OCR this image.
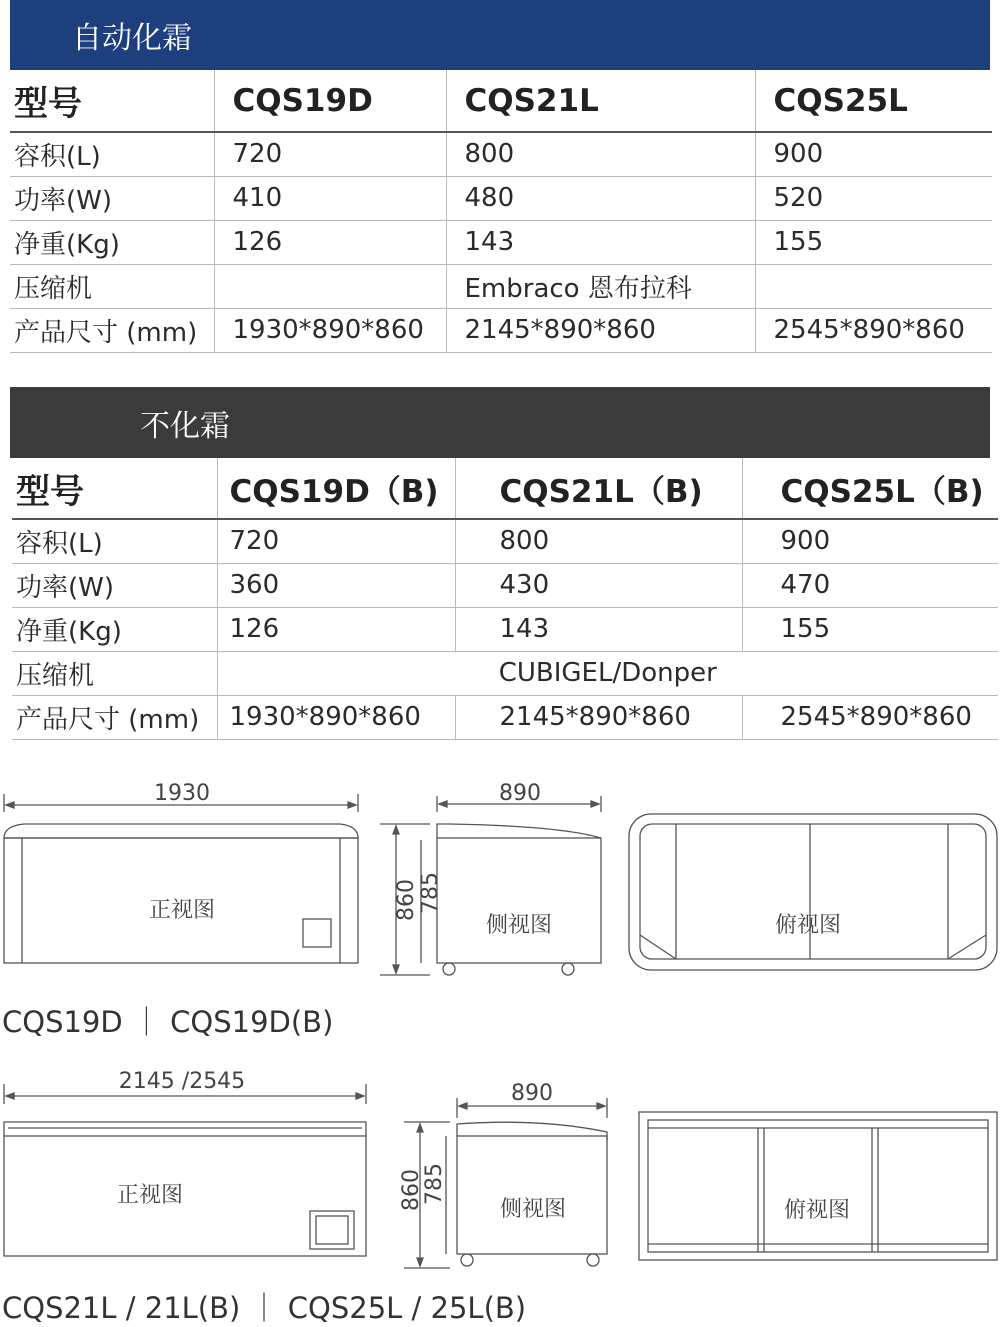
自动化霜
型号	CQS19D	CQS21L	CQS25L
容积(L)	720	800	900
功率(W)	410	480	520
净重(Kg)	126	143	155
压缩机		Embraco 恩布拉科	
产品尺寸 (mm)	1930*890*860	2145*890*860	2545*890*860
不化霜
型号	CQS19D（B)	CQS21L（B)	CQS25L（B)
容积(L)	720	800	900
功率(W)	360	430	470
净重(Kg)	126	143	155
压缩机	CUBIGEL/Donper		
产品尺寸 (mm)	1930*890*860	2145*890*860	2545*890*860
1930
正视图
890
860 785
侧视图	俯视图
2145 /2545
正视图
890
860
785
侧视图	俯视图
CQS19D ｜ CQS19D(B)
CQS21L / 21L(B) ｜ CQS25L / 25L(B)
